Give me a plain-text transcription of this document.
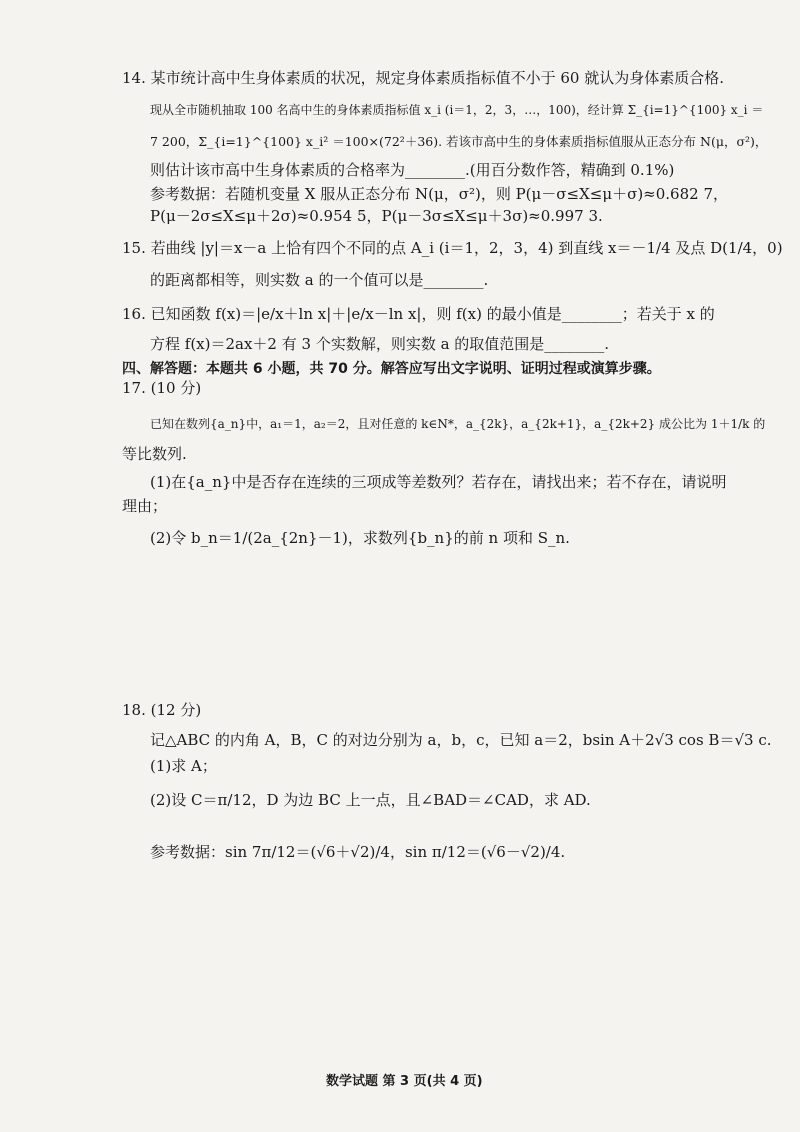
14. 某市统计高中生身体素质的状况，规定身体素质指标值不小于 60 就认为身体素质合格.
现从全市随机抽取 100 名高中生的身体素质指标值 x_i (i＝1，2，3，…，100)，经计算 Σ_{i=1}^{100} x_i ＝
7 200，Σ_{i=1}^{100} x_i² ＝100×(72²＋36). 若该市高中生的身体素质指标值服从正态分布 N(μ，σ²)，
则估计该市高中生身体素质的合格率为________.(用百分数作答，精确到 0.1%)
参考数据：若随机变量 X 服从正态分布 N(μ，σ²)，则 P(μ－σ≤X≤μ＋σ)≈0.682 7，
P(μ－2σ≤X≤μ＋2σ)≈0.954 5，P(μ－3σ≤X≤μ＋3σ)≈0.997 3.
15. 若曲线 |y|＝x－a 上恰有四个不同的点 A_i (i＝1，2，3，4) 到直线 x＝－1/4 及点 D(1/4，0)
的距离都相等，则实数 a 的一个值可以是________.
16. 已知函数 f(x)＝|e/x＋ln x|＋|e/x－ln x|，则 f(x) 的最小值是________；若关于 x 的
方程 f(x)＝2ax＋2 有 3 个实数解，则实数 a 的取值范围是________.
四、解答题：本题共 6 小题，共 70 分。解答应写出文字说明、证明过程或演算步骤。
17. (10 分)
已知在数列{a_n}中，a₁＝1，a₂＝2，且对任意的 k∈N*，a_{2k}，a_{2k+1}，a_{2k+2} 成公比为 1＋1/k 的
等比数列.
(1)在{a_n}中是否存在连续的三项成等差数列？若存在，请找出来；若不存在，请说明
理由；
(2)令 b_n＝1/(2a_{2n}－1)，求数列{b_n}的前 n 项和 S_n.
18. (12 分)
记△ABC 的内角 A，B，C 的对边分别为 a，b，c，已知 a＝2，bsin A＋2√3 cos B＝√3 c.
(1)求 A；
(2)设 C＝π/12，D 为边 BC 上一点，且∠BAD＝∠CAD，求 AD.
参考数据：sin 7π/12＝(√6＋√2)/4，sin π/12＝(√6－√2)/4.
数学试题 第 3 页(共 4 页)
